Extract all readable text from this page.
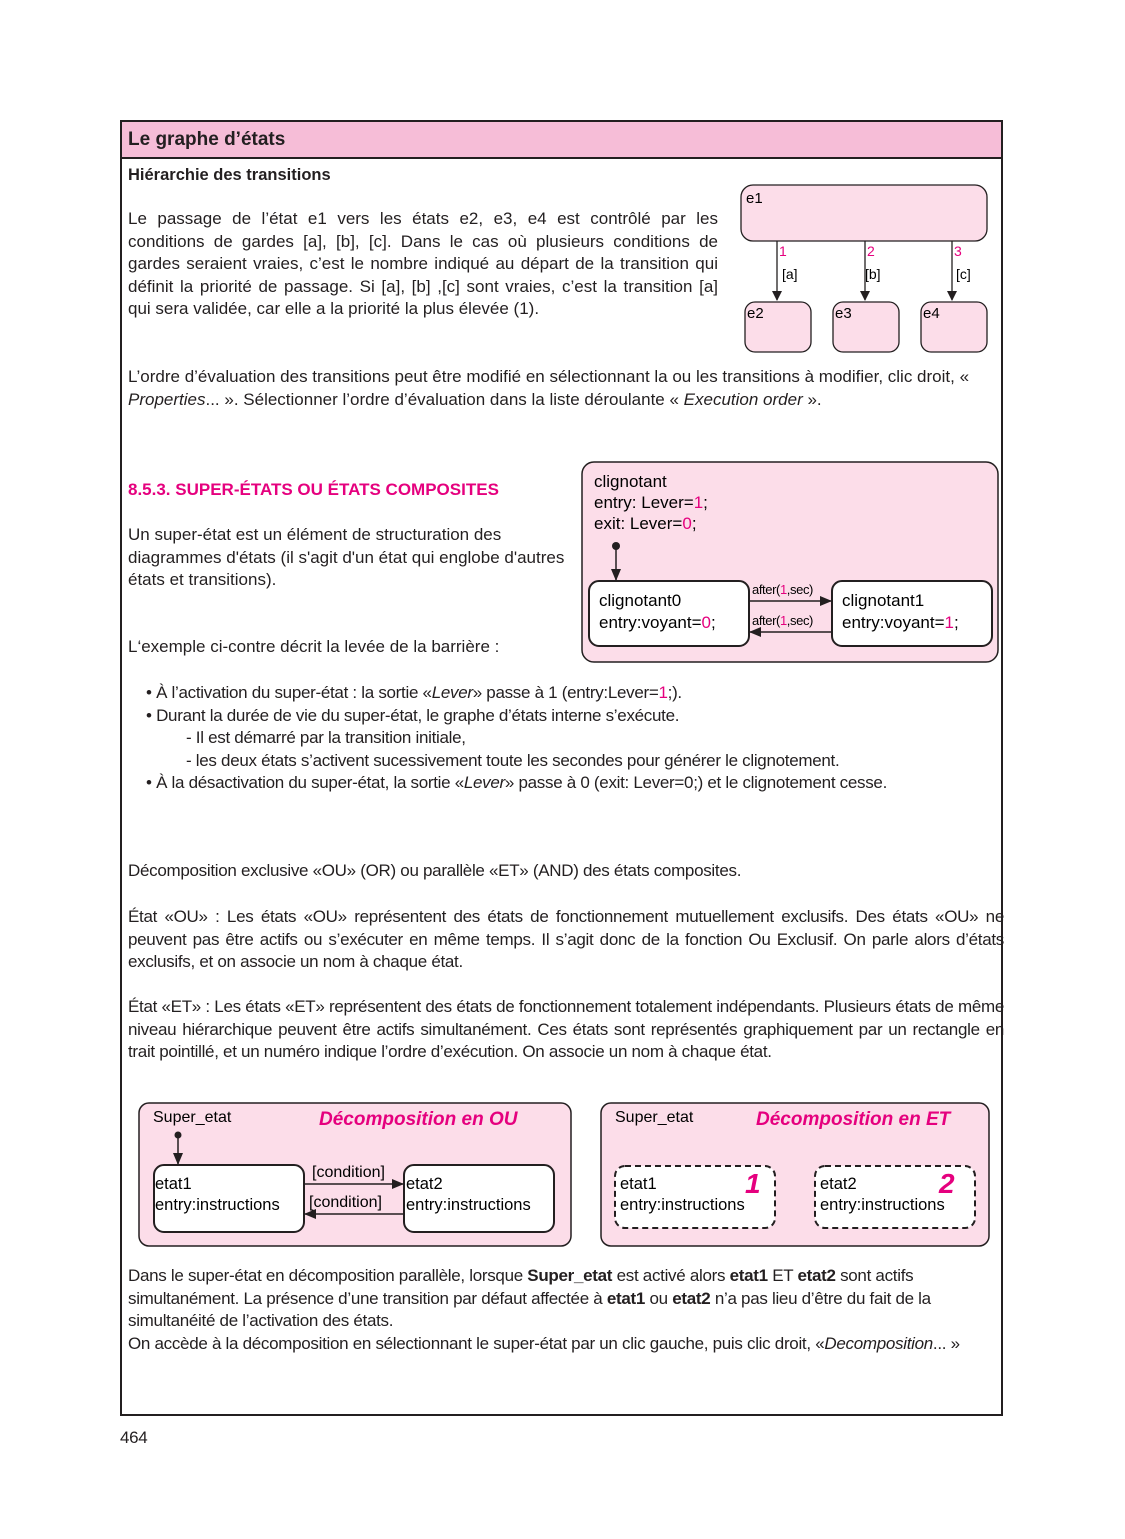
Le graphe d’états
Hiérarchie des transitions
Le passage de l’état e1 vers les états e2, e3, e4 est contrôlé par les conditions de gardes [a], [b], [c]. Dans le cas où plusieurs conditions de gardes seraient vraies, c’est le nombre indiqué au départ de la transition qui définit la priorité de passage. Si [a], [b] ,[c] sont vraies, c’est la transition [a] qui sera validée, car elle a la priorité la plus élevée (1).
L’ordre d’évaluation des transitions peut être modifié en sélectionnant la ou les transitions à modifier, clic droit, « Properties... ». Sélectionner l’ordre d’évaluation dans la liste déroulante « Execution order ».
e1
1	2	3
[a]	[b]	[c]
e2	e3	e4
8.5.3. SUPER-ÉTATS OU ÉTATS COMPOSITES
Un super-état est un élément de structuration des diagrammes d'états (il s'agit d'un état qui englobe d'autres états et transitions).
L‘exemple ci-contre décrit la levée de la barrière :
clignotant
entry: Lever=1;
exit: Lever=0;
clignotant0
entry:voyant=0;
clignotant1
entry:voyant=1;
after(1,sec)
after(1,sec)
• À l’activation du super-état : la sortie «Lever» passe à 1 (entry:Lever=1;).
• Durant la durée de vie du super-état, le graphe d’états interne s’exécute.
- Il est démarré par la transition initiale,
- les deux états s’activent sucessivement toute les secondes pour générer le clignotement.
• À la désactivation du super-état, la sortie «Lever» passe à 0 (exit: Lever=0;) et le clignotement cesse.
Décomposition exclusive «OU» (OR) ou parallèle «ET» (AND) des états composites.
État «OU» : Les états «OU» représentent des états de fonctionnement mutuellement exclusifs. Des états «OU» ne peuvent pas être actifs ou s’exécuter en même temps. Il s’agit donc de la fonction Ou Exclusif. On parle alors d’états exclusifs, et on associe un nom à chaque état.
État «ET» : Les états «ET» représentent des états de fonctionnement totalement indépendants. Plusieurs états de même niveau hiérarchique peuvent être actifs simultanément. Ces états sont représentés graphiquement par un rectangle en trait pointillé, et un numéro indique l’ordre d’exécution. On associe un nom à chaque état.
Super_etat	Décomposition en OU
etat1
entry:instructions
etat2
entry:instructions
[condition]
[condition]
Super_etat	Décomposition en ET
etat1
entry:instructions
1	etat2
entry:instructions
2
Dans le super-état en décomposition parallèle, lorsque Super_etat est activé alors etat1 ET etat2 sont actifs simultanément. La présence d’une transition par défaut affectée à etat1 ou etat2 n’a pas lieu d’être du fait de la simultanéité de l’activation des états.
On accède à la décomposition en sélectionnant le super-état par un clic gauche, puis clic droit, «Decomposition... »
464
